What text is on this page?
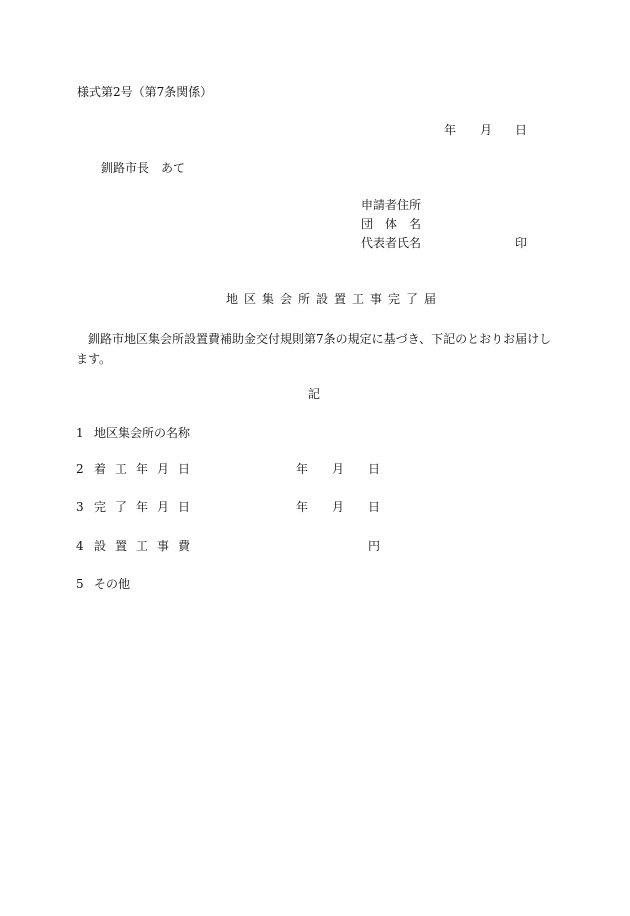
様式第2号（第7条関係）
年 月 日
釧路市長　あて
申請者住所
団　体　名
代表者氏名	印
地区集会所設置工事完了届
釧路市地区集会所設置費補助金交付規則第7条の規定に基づき、下記のとおりお届けします。
記
1 地区集会所の名称
2 着工年月日	年 月 日
3 完了年月日	年 月 日
4 設置工事費	円
5 その他
